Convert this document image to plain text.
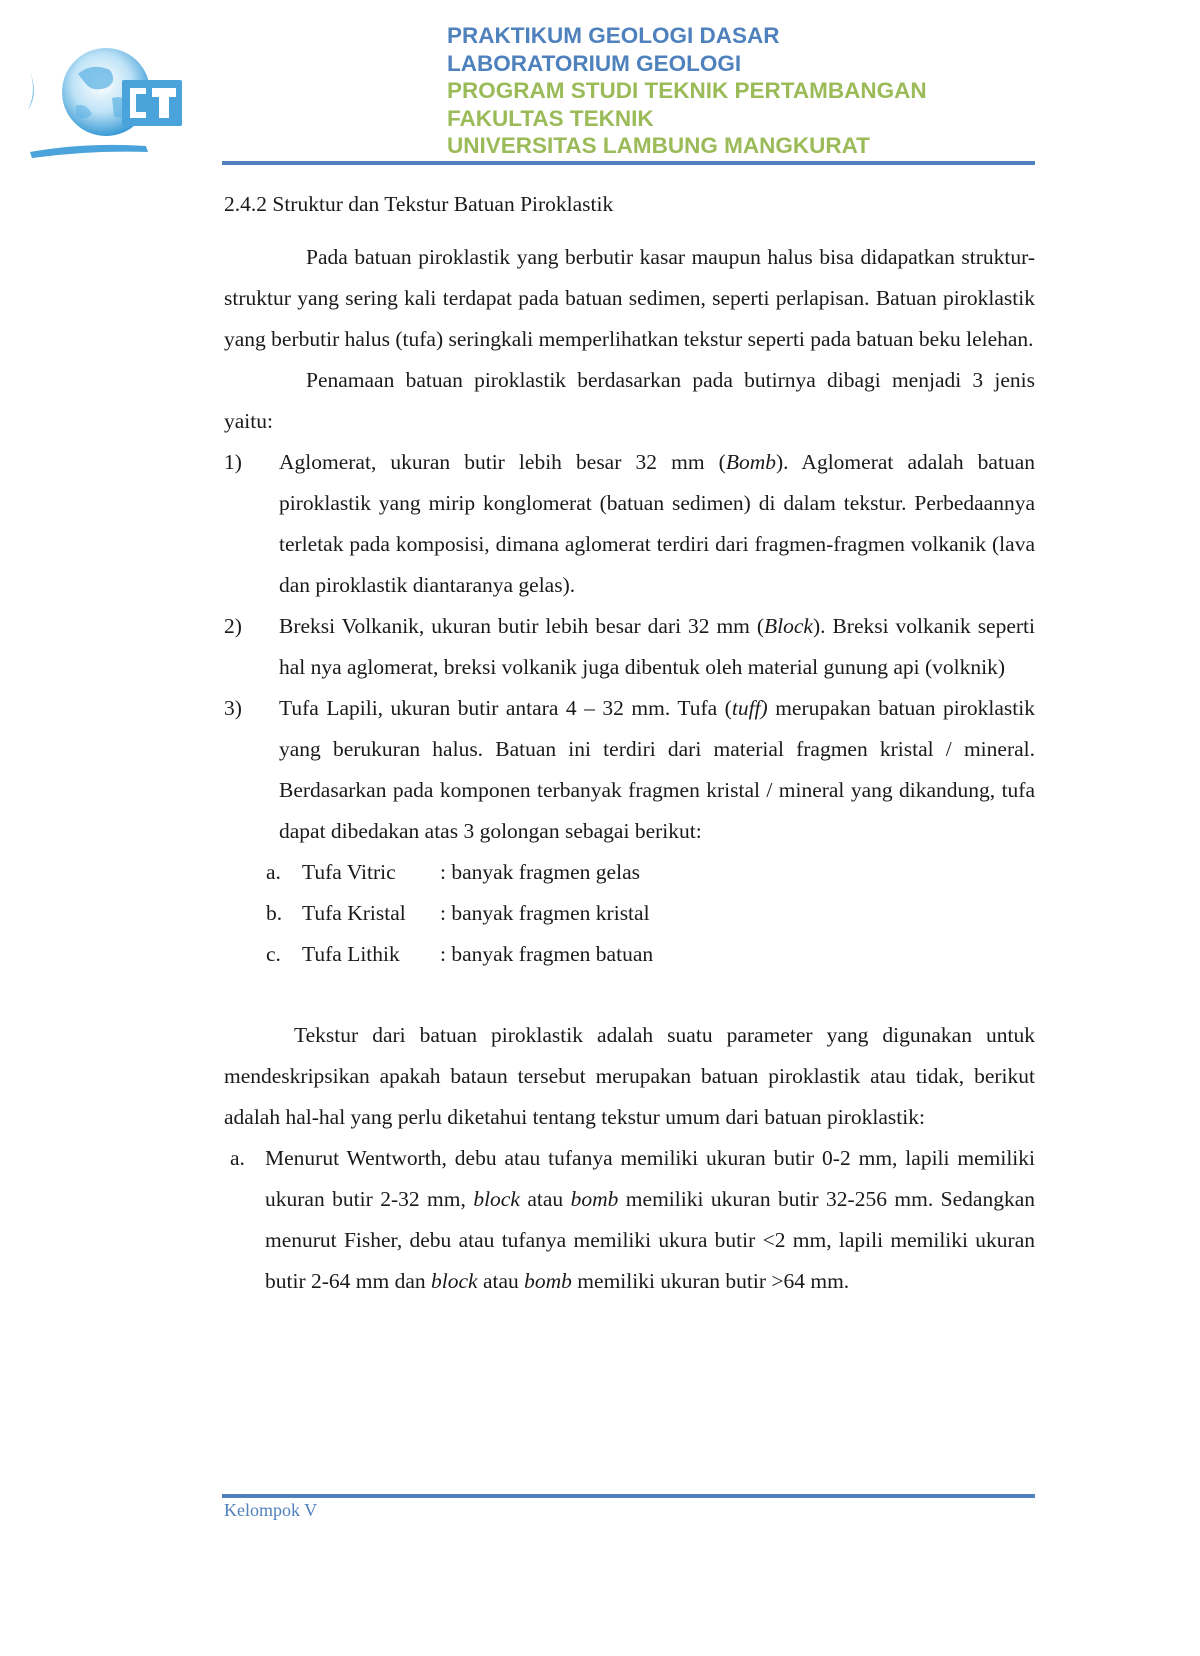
PRAKTIKUM GEOLOGI DASAR
LABORATORIUM GEOLOGI
PROGRAM STUDI TEKNIK PERTAMBANGAN
FAKULTAS TEKNIK
UNIVERSITAS LAMBUNG MANGKURAT
2.4.2 Struktur dan Tekstur Batuan Piroklastik

Pada batuan piroklastik yang berbutir kasar maupun halus bisa didapatkan struktur-struktur yang sering kali terdapat pada batuan sedimen, seperti perlapisan. Batuan piroklastik yang berbutir halus (tufa) seringkali memperlihatkan tekstur seperti pada batuan beku lelehan.

Penamaan batuan piroklastik berdasarkan pada butirnya dibagi menjadi 3 jenis yaitu:

1) Aglomerat, ukuran butir lebih besar 32 mm (Bomb). Aglomerat adalah batuan piroklastik yang mirip konglomerat (batuan sedimen) di dalam tekstur. Perbedaannya terletak pada komposisi, dimana aglomerat terdiri dari fragmen-fragmen volkanik (lava dan piroklastik diantaranya gelas).
2) Breksi Volkanik, ukuran butir lebih besar dari 32 mm (Block). Breksi volkanik seperti hal nya aglomerat, breksi volkanik juga dibentuk oleh material gunung api (volknik)
3) Tufa Lapili, ukuran butir antara 4 – 32 mm. Tufa (tuff) merupakan batuan piroklastik yang berukuran halus. Batuan ini terdiri dari material fragmen kristal / mineral. Berdasarkan pada komponen terbanyak fragmen kristal / mineral yang dikandung, tufa dapat dibedakan atas 3 golongan sebagai berikut:
a. Tufa Vitric : banyak fragmen gelas
b. Tufa Kristal : banyak fragmen kristal
c. Tufa Lithik : banyak fragmen batuan

Tekstur dari batuan piroklastik adalah suatu parameter yang digunakan untuk mendeskripsikan apakah bataun tersebut merupakan batuan piroklastik atau tidak, berikut adalah hal-hal yang perlu diketahui tentang tekstur umum dari batuan piroklastik:

a. Menurut Wentworth, debu atau tufanya memiliki ukuran butir 0-2 mm, lapili memiliki ukuran butir 2-32 mm, block atau bomb memiliki ukuran butir 32-256 mm. Sedangkan menurut Fisher, debu atau tufanya memiliki ukura butir <2 mm, lapili memiliki ukuran butir 2-64 mm dan block atau bomb memiliki ukuran butir >64 mm.
Kelompok V
